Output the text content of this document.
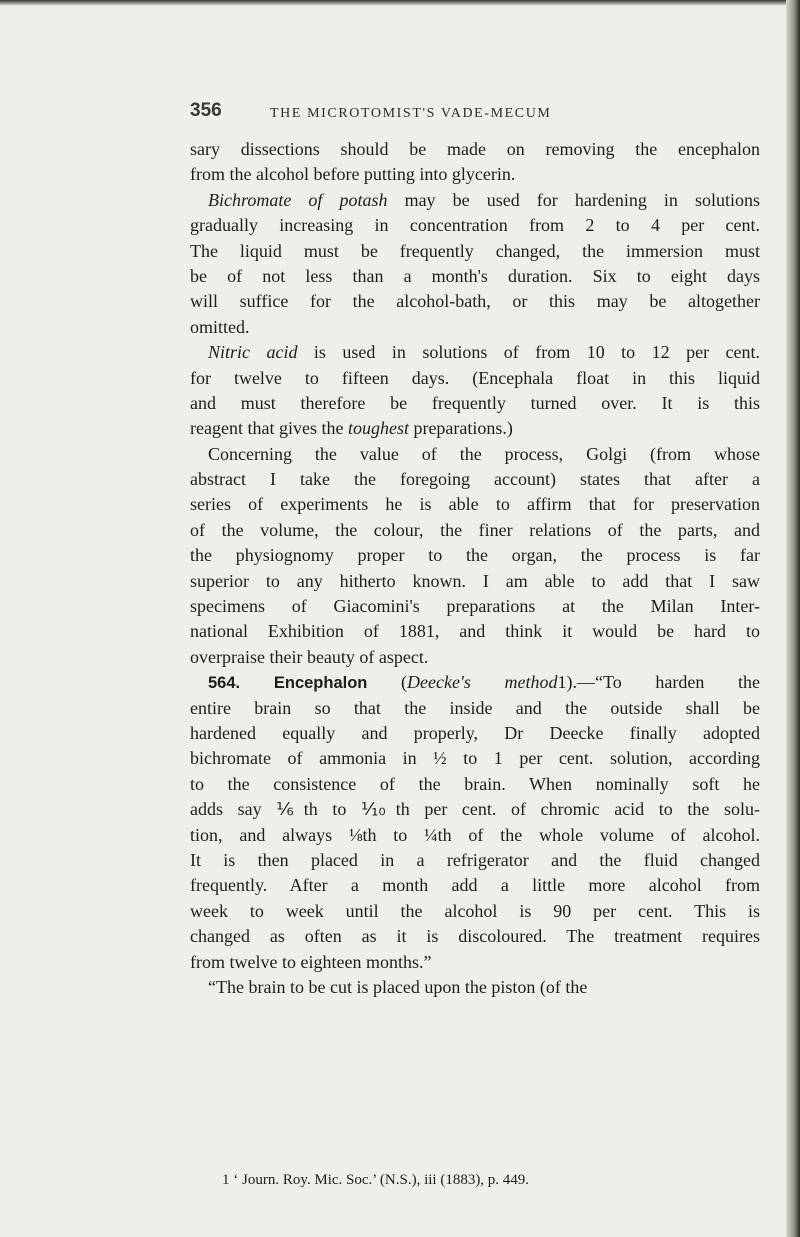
356	THE MICROTOMIST'S VADE-MECUM
sary dissections should be made on removing the encephalon
from the alcohol before putting into glycerin.
Bichromate of potash may be used for hardening in solutions
gradually increasing in concentration from 2 to 4 per cent.
The liquid must be frequently changed, the immersion must
be of not less than a month's duration. Six to eight days
will suffice for the alcohol-bath, or this may be altogether
omitted.
Nitric acid is used in solutions of from 10 to 12 per cent.
for twelve to fifteen days. (Encephala float in this liquid
and must therefore be frequently turned over. It is this
reagent that gives the toughest preparations.)
Concerning the value of the process, Golgi (from whose
abstract I take the foregoing account) states that after a
series of experiments he is able to affirm that for preservation
of the volume, the colour, the finer relations of the parts, and
the physiognomy proper to the organ, the process is far
superior to any hitherto known. I am able to add that I saw
specimens of Giacomini's preparations at the Milan Inter-
national Exhibition of 1881, and think it would be hard to
overpraise their beauty of aspect.
564. Encephalon (Deecke's method1).—“To harden the
entire brain so that the inside and the outside shall be
hardened equally and properly, Dr Deecke finally adopted
bichromate of ammonia in ½ to 1 per cent. solution, according
to the consistence of the brain. When nominally soft he
adds say ⅙th to ⅒th per cent. of chromic acid to the solu-
tion, and always ⅛th to ¼th of the whole volume of alcohol.
It is then placed in a refrigerator and the fluid changed
frequently. After a month add a little more alcohol from
week to week until the alcohol is 90 per cent. This is
changed as often as it is discoloured. The treatment requires
from twelve to eighteen months.”
“The brain to be cut is placed upon the piston (of the
1 ‘ Journ. Roy. Mic. Soc.’ (N.S.), iii (1883), p. 449.
